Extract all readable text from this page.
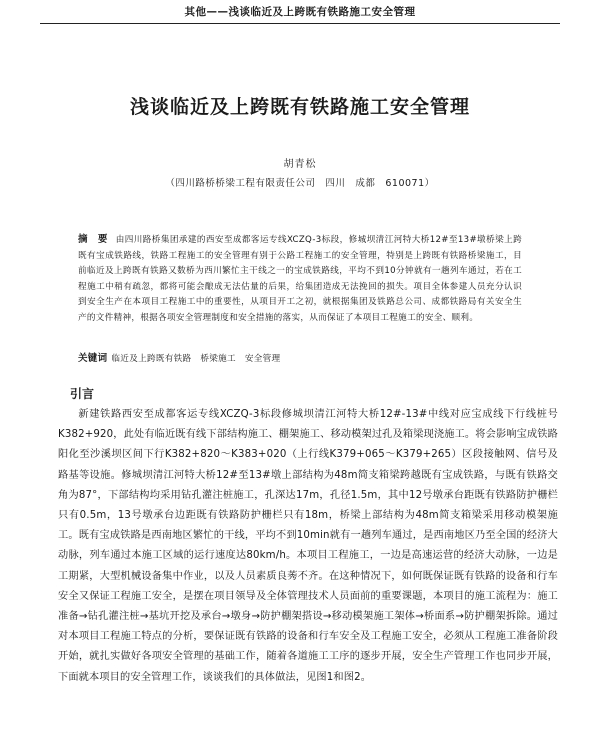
其他——浅谈临近及上跨既有铁路施工安全管理
浅谈临近及上跨既有铁路施工安全管理
胡青松
（四川路桥桥梁工程有限责任公司　四川　成都　610071）
摘　要 由四川路桥集团承建的西安至成都客运专线XCZQ-3标段，修城坝清江河特大桥12#至13#墩桥梁上跨既有宝成铁路线，铁路工程施工的安全管理有别于公路工程施工的安全管理，特别是上跨既有铁路桥梁施工，目前临近及上跨既有铁路又数桥为西川繁忙主干线之一的宝成铁路线，平均不到10分钟就有一趟列车通过，若在工程施工中稍有疏忽，都将可能会酿成无法估量的后果，给集团造成无法挽回的损失。项目全体参建人员充分认识到安全生产在本项目工程施工中的重要性，从项目开工之初，就根据集团及铁路总公司、成都铁路局有关安全生产的文件精神，根据各项安全管理制度和安全措施的落实，从而保证了本项目工程施工的安全、顺利。
关键词 临近及上跨既有铁路　桥梁施工　安全管理
引言
新建铁路西安至成都客运专线XCZQ-3标段修城坝清江河特大桥12#-13#中线对应宝成线下行线桩号K382+920，此处有临近既有线下部结构施工、棚架施工、移动模架过孔及箱梁现浇施工。将会影响宝成铁路阳化至沙溪坝区间下行K382+820～K383+020（上行线K379+065～K379+265）区段接触网、信号及路基等设施。修城坝清江河特大桥12#至13#墩上部结构为48m简支箱梁跨越既有宝成铁路，与既有铁路交角为87°，下部结构均采用钻孔灌注桩施工，孔深达17m，孔径1.5m，其中12号墩承台距既有铁路防护栅栏只有0.5m，13号墩承台边距既有铁路防护栅栏只有18m，桥梁上部结构为48m简支箱梁采用移动模架施工。既有宝成铁路是西南地区繁忙的干线，平均不到10min就有一趟列车通过，是西南地区乃至全国的经济大动脉，列车通过本施工区域的运行速度达80km/h。本项目工程施工，一边是高速运营的经济大动脉，一边是工期紧，大型机械设备集中作业，以及人员素质良莠不齐。在这种情况下，如何既保证既有铁路的设备和行车安全又保证工程施工安全，是摆在项目领导及全体管理技术人员面前的重要课题，本项目的施工流程为：施工准备→钻孔灌注桩→基坑开挖及承台→墩身→防护棚架搭设→移动模架施工架体→桥面系→防护棚架拆除。通过对本项目工程施工特点的分析，要保证既有铁路的设备和行车安全及工程施工安全，必须从工程施工准备阶段开始，就扎实做好各项安全管理的基础工作，随着各道施工工序的逐步开展，安全生产管理工作也同步开展，下面就本项目的安全管理工作，谈谈我们的具体做法，见图1和图2。
